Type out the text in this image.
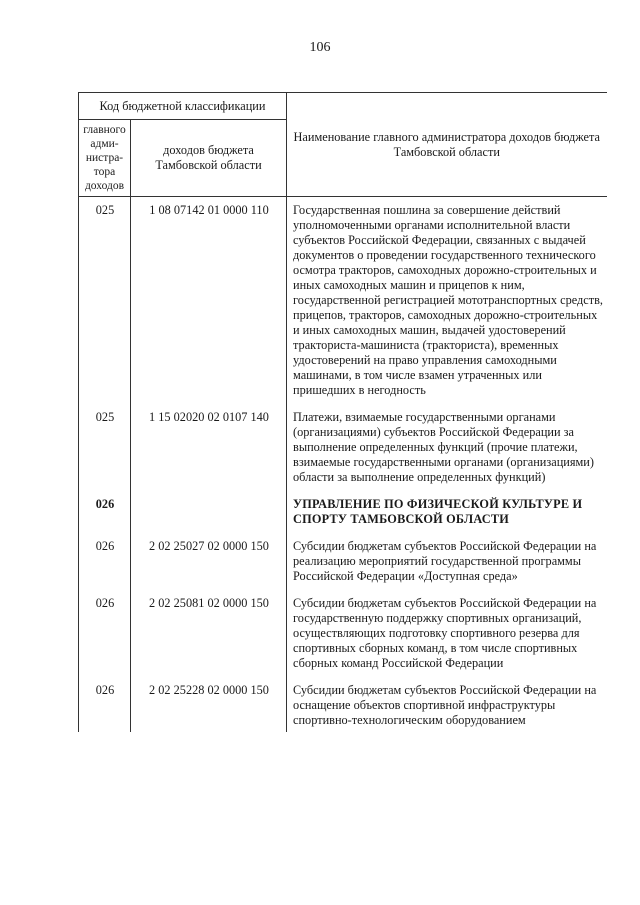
106
Код бюджетной классификации		Наименование главного администратора доходов бюджета Тамбовской области
главного адми-нистра-тора доходов	доходов бюджета Тамбовской области	
025	1 08 07142 01 0000 110	Государственная пошлина за совершение действий уполномоченными органами исполнительной власти субъектов Российской Федерации, связанных с выдачей документов о проведении государственного технического осмотра тракторов, самоходных дорожно-строительных и иных самоходных машин и прицепов к ним, государственной регистрацией мототранспортных средств, прицепов, тракторов, самоходных дорожно-строительных и иных самоходных машин, выдачей удостоверений тракториста-машиниста (тракториста), временных удостоверений на право управления самоходными машинами, в том числе взамен утраченных или пришедших в негодность
025	1 15 02020 02 0107 140	Платежи, взимаемые государственными органами (организациями) субъектов Российской Федерации за выполнение определенных функций (прочие платежи, взимаемые государственными органами (организациями) области за выполнение определенных функций)
026		УПРАВЛЕНИЕ ПО ФИЗИЧЕСКОЙ КУЛЬТУРЕ И СПОРТУ ТАМБОВСКОЙ ОБЛАСТИ
026	2 02 25027 02 0000 150	Субсидии бюджетам субъектов Российской Федерации на реализацию мероприятий государственной программы Российской Федерации «Доступная среда»
026	2 02 25081 02 0000 150	Субсидии бюджетам субъектов Российской Федерации на государственную поддержку спортивных организаций, осуществляющих подготовку спортивного резерва для спортивных сборных команд, в том числе спортивных сборных команд Российской Федерации
026	2 02 25228 02 0000 150	Субсидии бюджетам субъектов Российской Федерации на оснащение объектов спортивной инфраструктуры спортивно-технологическим оборудованием
